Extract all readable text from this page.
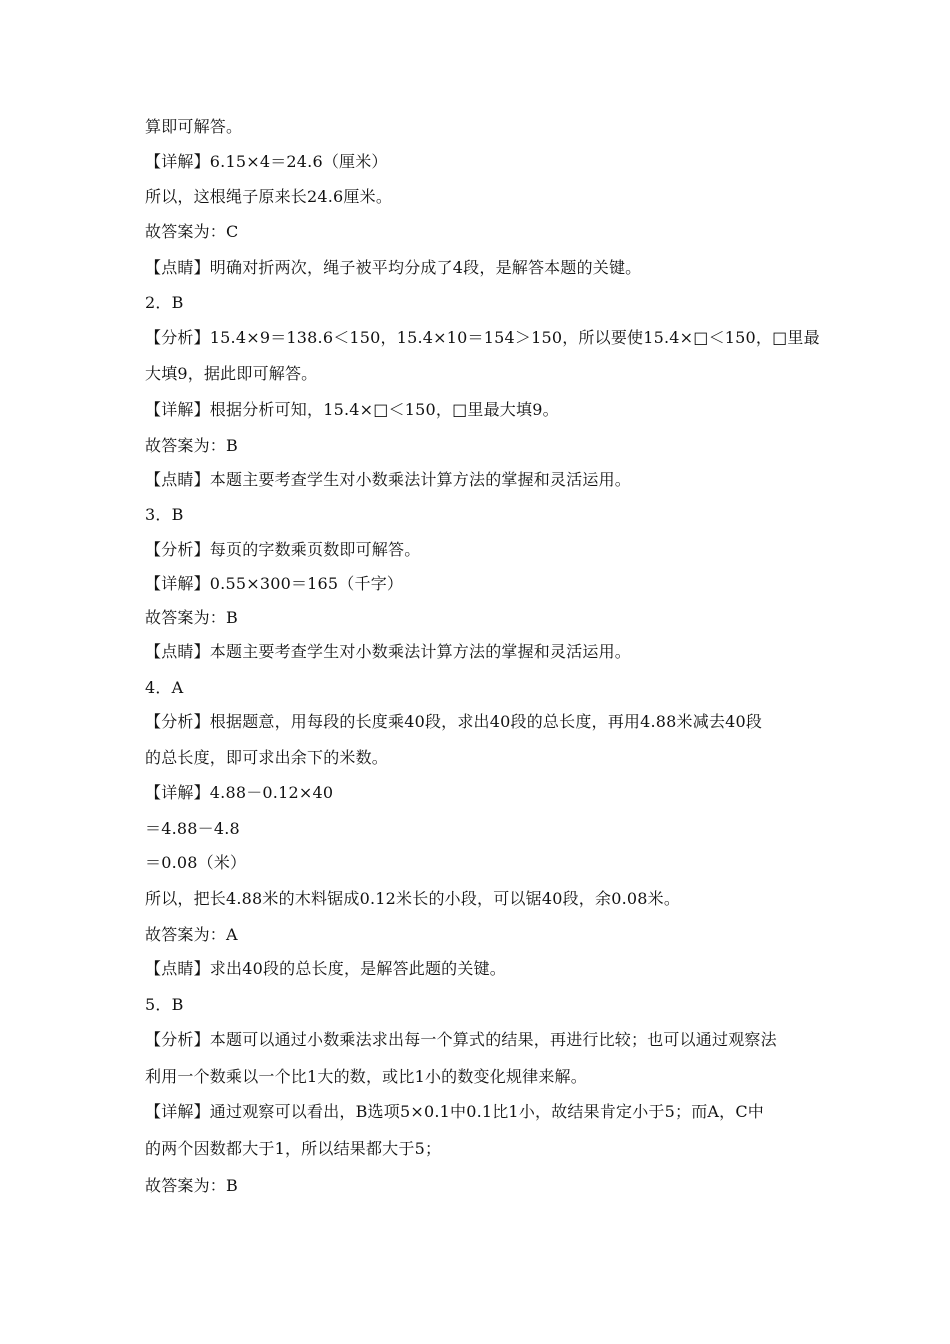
算即可解答。
【详解】6.15×4＝24.6（厘米）
所以，这根绳子原来长24.6厘米。
故答案为：C
【点睛】明确对折两次，绳子被平均分成了4段，是解答本题的关键。
2．B
【分析】15.4×9＝138.6＜150，15.4×10＝154＞150，所以要使15.4×□＜150，□里最
大填9，据此即可解答。
【详解】根据分析可知，15.4×□＜150，□里最大填9。
故答案为：B
【点睛】本题主要考查学生对小数乘法计算方法的掌握和灵活运用。
3．B
【分析】每页的字数乘页数即可解答。
【详解】0.55×300＝165（千字）
故答案为：B
【点睛】本题主要考查学生对小数乘法计算方法的掌握和灵活运用。
4．A
【分析】根据题意，用每段的长度乘40段，求出40段的总长度，再用4.88米减去40段
的总长度，即可求出余下的米数。
【详解】4.88－0.12×40
＝4.88－4.8
＝0.08（米）
所以，把长4.88米的木料锯成0.12米长的小段，可以锯40段，余0.08米。
故答案为：A
【点睛】求出40段的总长度，是解答此题的关键。
5．B
【分析】本题可以通过小数乘法求出每一个算式的结果，再进行比较；也可以通过观察法
利用一个数乘以一个比1大的数，或比1小的数变化规律来解。
【详解】通过观察可以看出，B选项5×0.1中0.1比1小，故结果肯定小于5；而A，C中
的两个因数都大于1，所以结果都大于5；
故答案为：B
